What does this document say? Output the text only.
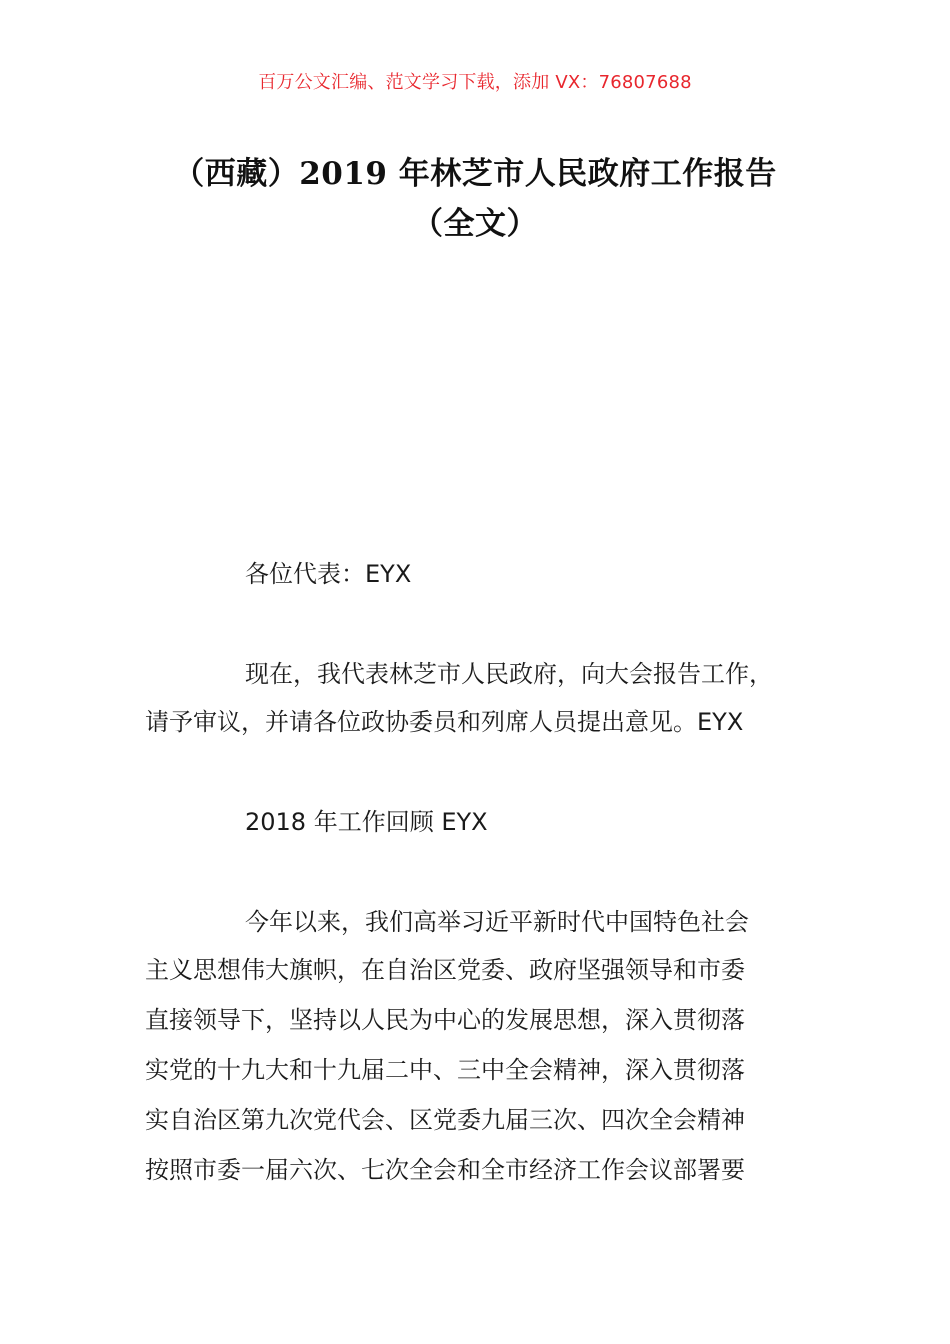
百万公文汇编、范文学习下载，添加 VX：76807688
（西藏）2019 年林芝市人民政府工作报告
（全文）
各位代表：EYX
现在，我代表林芝市人民政府，向大会报告工作，
请予审议，并请各位政协委员和列席人员提出意见。EYX
2018 年工作回顾 EYX
今年以来，我们高举习近平新时代中国特色社会
主义思想伟大旗帜，在自治区党委、政府坚强领导和市委
直接领导下，坚持以人民为中心的发展思想，深入贯彻落
实党的十九大和十九届二中、三中全会精神，深入贯彻落
实自治区第九次党代会、区党委九届三次、四次全会精神
按照市委一届六次、七次全会和全市经济工作会议部署要
